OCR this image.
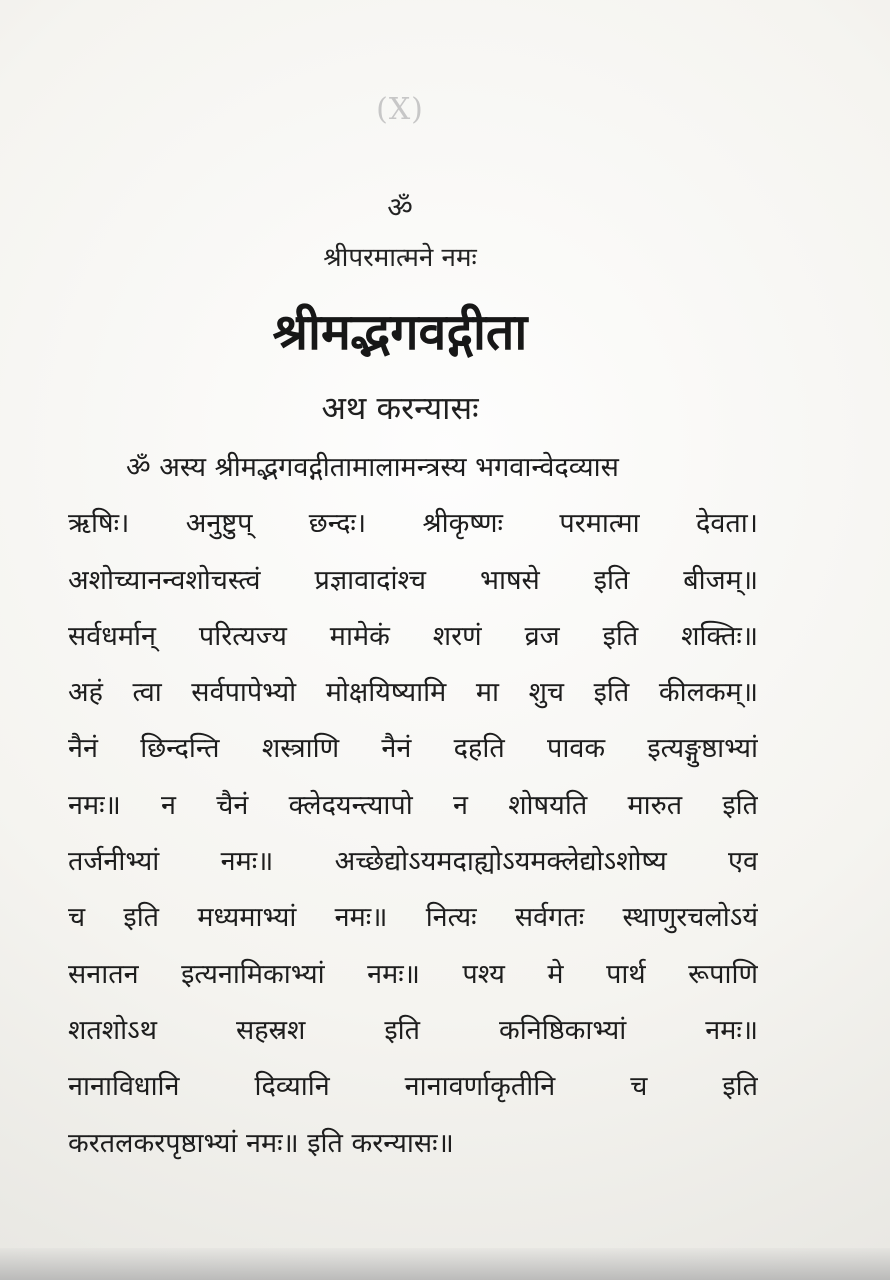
(X)
ॐ
श्रीपरमात्मने नमः
श्रीमद्भगवद्गीता
अथ करन्यासः
ॐ अस्य श्रीमद्भगवद्गीतामालामन्त्रस्य भगवान्वेदव्यास
ऋषिः। अनुष्टुप् छन्दः। श्रीकृष्णः परमात्मा देवता।
अशोच्यानन्वशोचस्त्वं प्रज्ञावादांश्च भाषसे इति बीजम्॥
सर्वधर्मान् परित्यज्य मामेकं शरणं व्रज इति शक्तिः॥
अहं त्वा सर्वपापेभ्यो मोक्षयिष्यामि मा शुच इति कीलकम्॥
नैनं छिन्दन्ति शस्त्राणि नैनं दहति पावक इत्यङ्गुष्ठाभ्यां
नमः॥ न चैनं क्लेदयन्त्यापो न शोषयति मारुत इति
तर्जनीभ्यां नमः॥ अच्छेद्योऽयमदाह्योऽयमक्लेद्योऽशोष्य एव
च इति मध्यमाभ्यां नमः॥ नित्यः सर्वगतः स्थाणुरचलोऽयं
सनातन इत्यनामिकाभ्यां नमः॥ पश्य मे पार्थ रूपाणि
शतशोऽथ सहस्रश इति कनिष्ठिकाभ्यां नमः॥
नानाविधानि दिव्यानि नानावर्णाकृतीनि च इति
करतलकरपृष्ठाभ्यां नमः॥ इति करन्यासः॥
